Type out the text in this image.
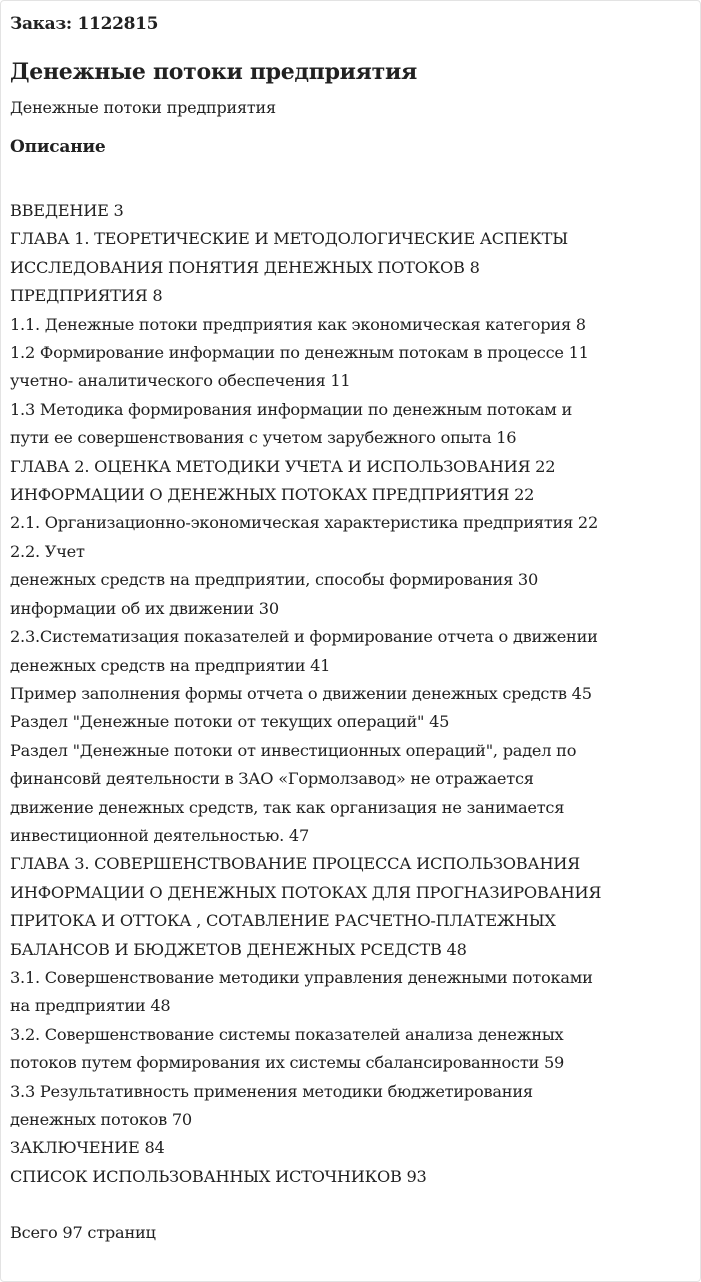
Заказ: 1122815

Денежные потоки предприятия

Денежные потоки предприятия

Описание
ВВЕДЕНИЕ 3
ГЛАВА 1. ТЕОРЕТИЧЕСКИЕ И МЕТОДОЛОГИЧЕСКИЕ АСПЕКТЫ
ИССЛЕДОВАНИЯ ПОНЯТИЯ ДЕНЕЖНЫХ ПОТОКОВ 8
ПРЕДПРИЯТИЯ 8
1.1. Денежные потоки предприятия как экономическая категория 8
1.2 Формирование информации по денежным потокам в процессе 11
учетно- аналитического обеспечения 11
1.3 Методика формирования информации по денежным потокам и
пути ее совершенствования с учетом зарубежного опыта 16
ГЛАВА 2. ОЦЕНКА МЕТОДИКИ УЧЕТА И ИСПОЛЬЗОВАНИЯ 22
ИНФОРМАЦИИ О ДЕНЕЖНЫХ ПОТОКАХ ПРЕДПРИЯТИЯ 22
2.1. Организационно-экономическая характеристика предприятия 22
2.2. Учет
денежных средств на предприятии, способы формирования 30
информации об их движении 30
2.3.Систематизация показателей и формирование отчета о движении
денежных средств на предприятии 41
Пример заполнения формы отчета о движении денежных средств 45
Раздел "Денежные потоки от текущих операций" 45
Раздел "Денежные потоки от инвестиционных операций", радел по
финансовй деятельности в ЗАО «Гормолзавод» не отражается
движение денежных средств, так как организация не занимается
инвестиционной деятельностью. 47
ГЛАВА 3. СОВЕРШЕНСТВОВАНИЕ ПРОЦЕССА ИСПОЛЬЗОВАНИЯ
ИНФОРМАЦИИ О ДЕНЕЖНЫХ ПОТОКАХ ДЛЯ ПРОГНАЗИРОВАНИЯ
ПРИТОКА И ОТТОКА , СОТАВЛЕНИЕ РАСЧЕТНО-ПЛАТЕЖНЫХ
БАЛАНСОВ И БЮДЖЕТОВ ДЕНЕЖНЫХ РСЕДСТВ 48
3.1. Совершенствование методики управления денежными потоками
на предприятии 48
3.2. Совершенствование системы показателей анализа денежных
потоков путем формирования их системы сбалансированности 59
3.3 Результативность применения методики бюджетирования
денежных потоков 70
ЗАКЛЮЧЕНИЕ 84
СПИСОК ИСПОЛЬЗОВАННЫХ ИСТОЧНИКОВ 93

Всего 97 страниц
